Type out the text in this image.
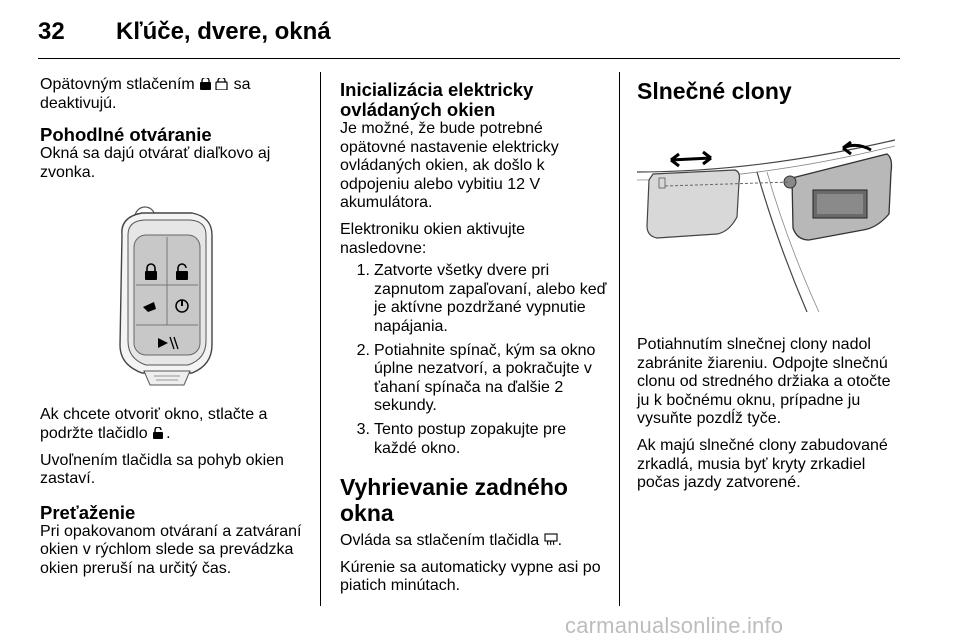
32 Kľúče, dvere, okná

Opätovným stlačením  sa deaktivujú.

Pohodlné otváranie

Okná sa dajú otvárať diaľkovo aj zvonka.

Ak chcete otvoriť okno, stlačte a podržte tlačidlo .

Uvoľnením tlačidla sa pohyb okien zastaví.

Preťaženie

Pri opakovanom otváraní a zatváraní okien v rýchlom slede sa prevádzka okien preruší na určitý čas.

Inicializácia elektricky ovládaných okien

Je možné, že bude potrebné opätovné nastavenie elektricky ovládaných okien, ak došlo k odpojeniu alebo vybitiu 12 V akumulátora.

Elektroniku okien aktivujte nasledovne:

1. Zatvorte všetky dvere pri zapnutom zapaľovaní, alebo keď je aktívne pozdržané vypnutie napájania.
2. Potiahnite spínač, kým sa okno úplne nezatvorí, a pokračujte v ťahaní spínača na ďalšie 2 sekundy.
3. Tento postup zopakujte pre každé okno.
Vyhrievanie zadného okna

Ovláda sa stlačením tlačidla .

Kúrenie sa automaticky vypne asi po piatich minútach.

Slnečné clony

Potiahnutím slnečnej clony nadol zabránite žiareniu. Odpojte slnečnú clonu od stredného držiaka a otočte ju k bočnému oknu, prípadne ju vysuňte pozdĺž tyče.

Ak majú slnečné clony zabudované zrkadlá, musia byť kryty zrkadiel počas jazdy zatvorené.

carmanualsonline.info
